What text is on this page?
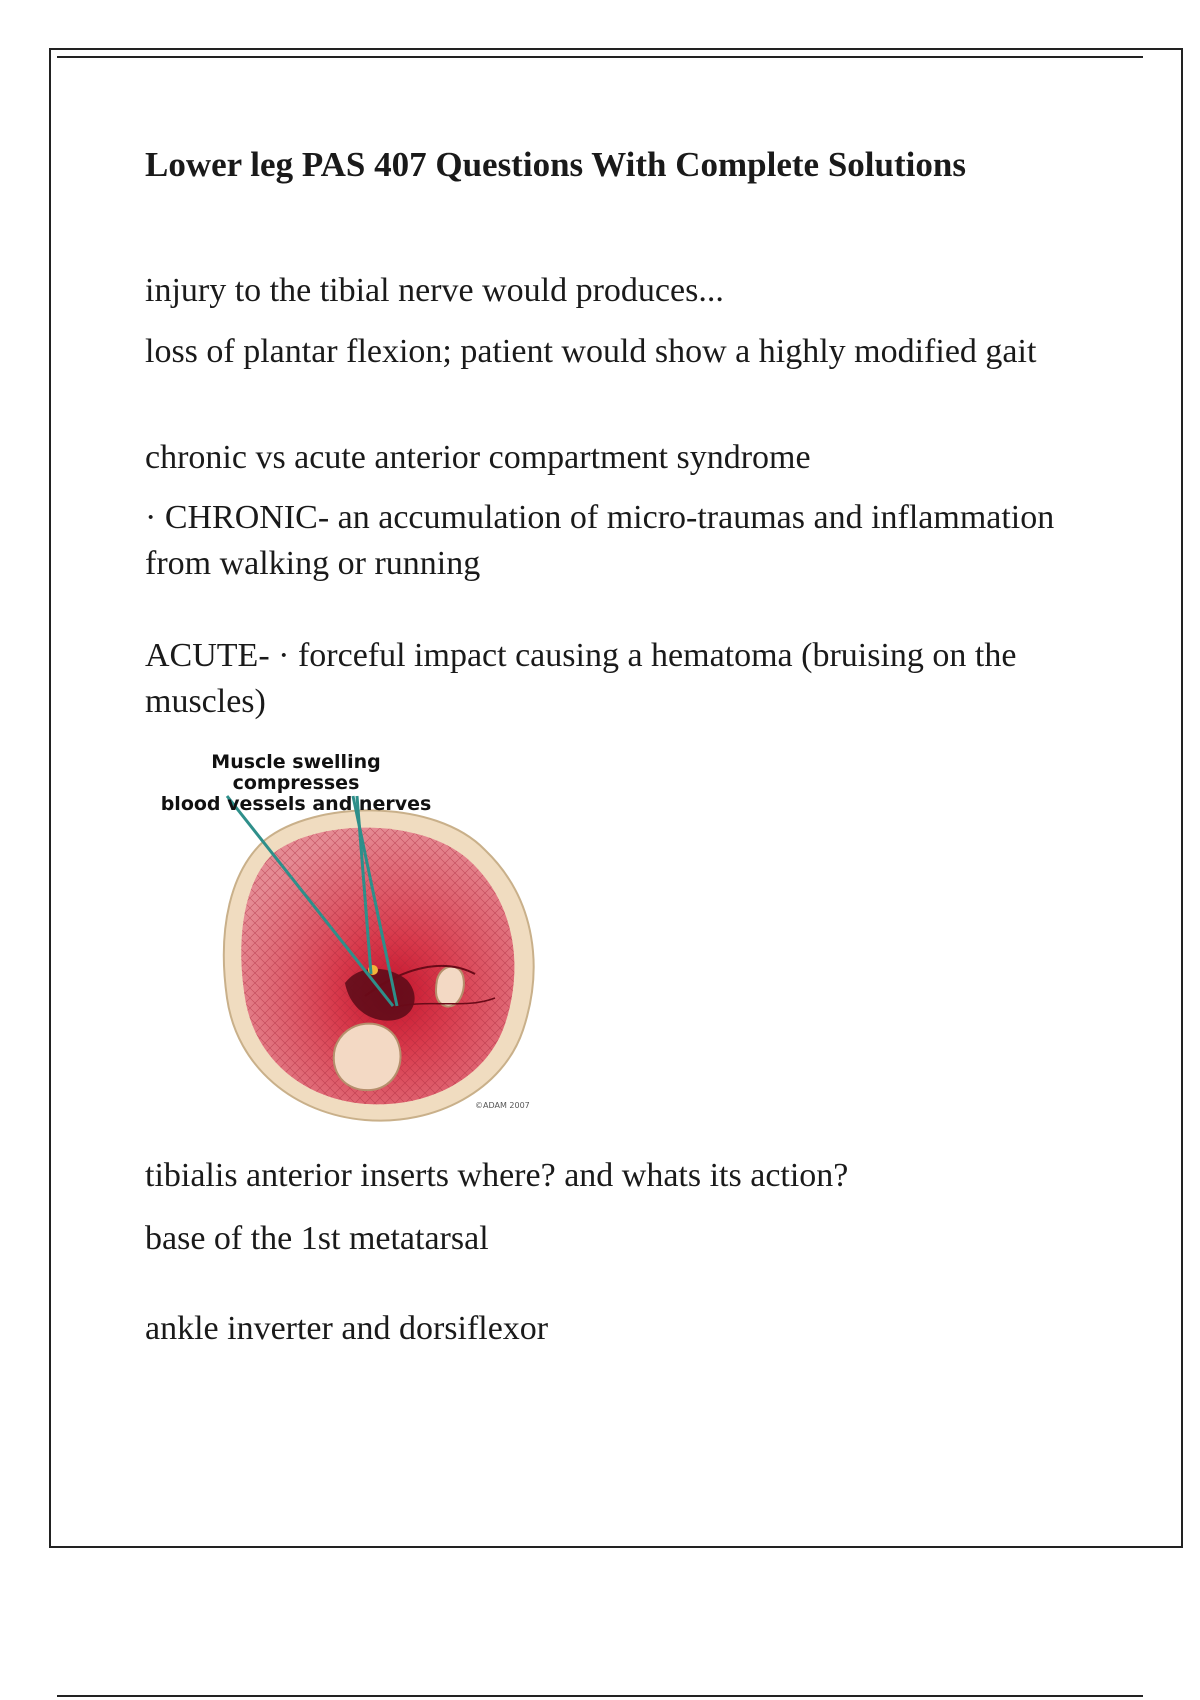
Lower leg PAS 407 Questions With Complete Solutions

injury to the tibial nerve would produces...

loss of plantar flexion; patient would show a highly modified gait

chronic vs acute anterior compartment syndrome

· CHRONIC- an accumulation of micro-traumas and inflammation from walking or running

ACUTE- · forceful impact causing a hematoma (bruising on the muscles)

Muscle swelling compresses
blood vessels and nerves
©ADAM 2007

tibialis anterior inserts where? and whats its action?

base of the 1st metatarsal

ankle inverter and dorsiflexor
